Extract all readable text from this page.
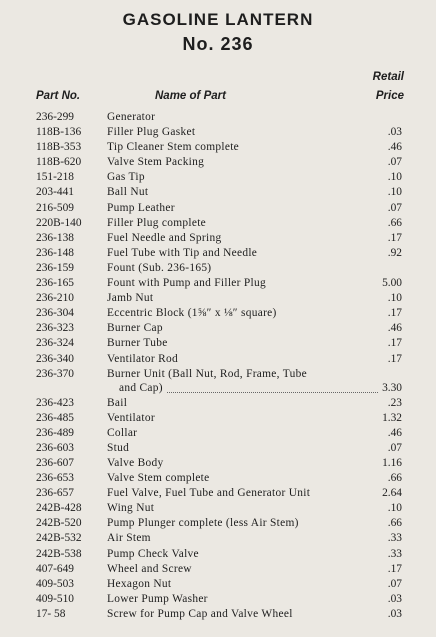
GASOLINE LANTERN
No. 236
Retail
Part No.	Name of Part	Price
236-299	Generator
118B-136 Filler Plug Gasket	.03
118B-353 Tip Cleaner Stem complete	.46
118B-620 Valve Stem Packing	.07
151-218	Gas Tip	.10
203-441	Ball Nut	.10
216-509	Pump Leather	.07
220B-140 Filler Plug complete	.66
236-138	Fuel Needle and Spring	.17
236-148	Fuel Tube with Tip and Needle	.92
236-159	Fount (Sub. 236-165)
236-165	Fount with Pump and Filler Plug	5.00
236-210	Jamb Nut	.10
236-304	Eccentric Block (1⅝″ x ⅛″ square)	.17
236-323	Burner Cap	.46
236-324	Burner Tube	.17
236-340	Ventilator Rod	.17
236-370	Burner Unit (Ball Nut, Rod, Frame, Tube
and Cap)	3.30
236-423	Bail	.23
236-485	Ventilator	1.32
236-489	Collar	.46
236-603	Stud	.07
236-607	Valve Body	1.16
236-653	Valve Stem complete	.66
236-657	Fuel Valve, Fuel Tube and Generator Unit	2.64
242B-428 Wing Nut	.10
242B-520 Pump Plunger complete (less Air Stem)	.66
242B-532 Air Stem	.33
242B-538 Pump Check Valve	.33
407-649	Wheel and Screw	.17
409-503	Hexagon Nut	.07
409-510	Lower Pump Washer	.03
17- 58	Screw for Pump Cap and Valve Wheel	.03
